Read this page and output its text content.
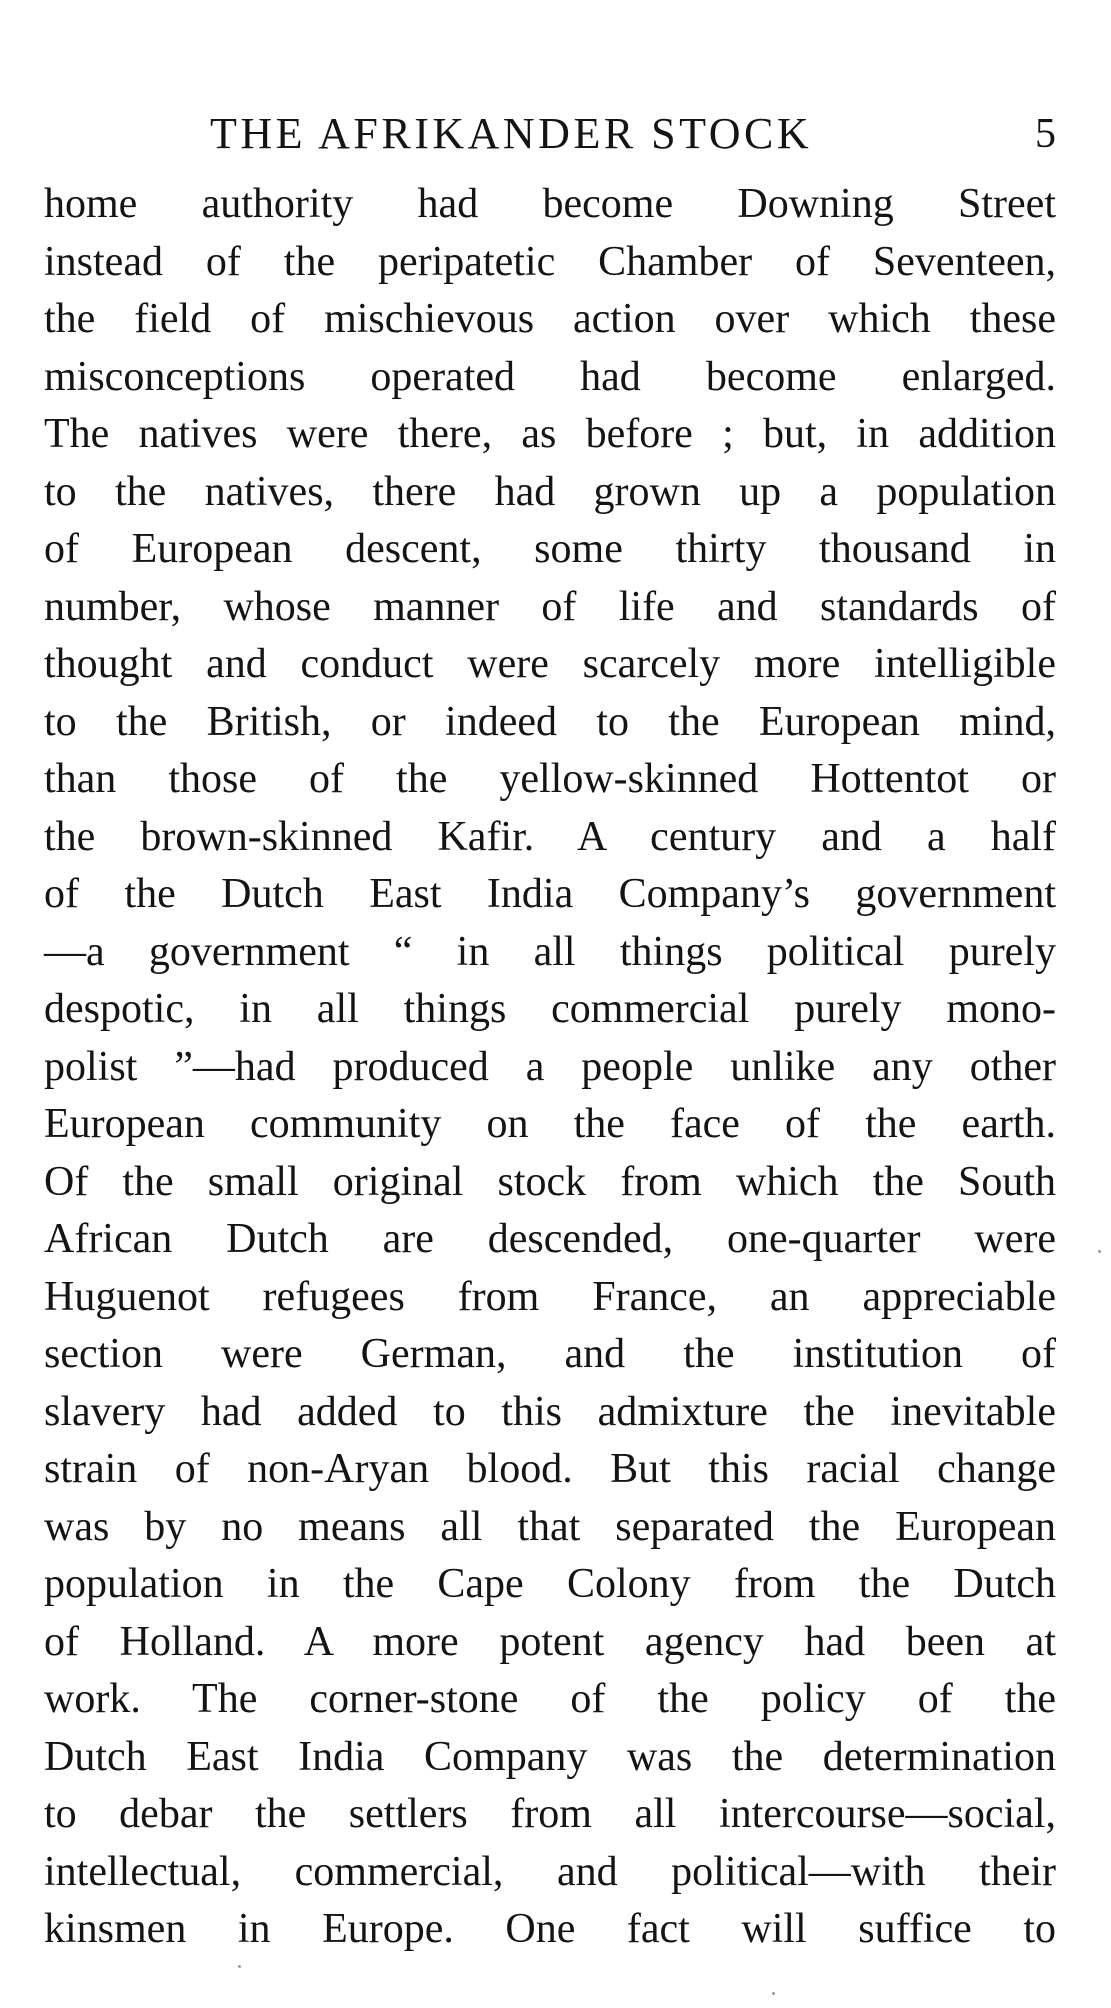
THE AFRIKANDER STOCK	5
home authority had become Downing Street
instead of the peripatetic Chamber of Seventeen,
the field of mischievous action over which these
misconceptions operated had become enlarged.
The natives were there, as before ; but, in addition
to the natives, there had grown up a population
of European descent, some thirty thousand in
number, whose manner of life and standards of
thought and conduct were scarcely more intelligible
to the British, or indeed to the European mind,
than those of the yellow-skinned Hottentot or
the brown-skinned Kafir. A century and a half
of the Dutch East India Company’s government
—a government “ in all things political purely
despotic, in all things commercial purely mono-
polist ”—had produced a people unlike any other
European community on the face of the earth.
Of the small original stock from which the South
African Dutch are descended, one-quarter were
Huguenot refugees from France, an appreciable
section were German, and the institution of
slavery had added to this admixture the inevitable
strain of non-Aryan blood. But this racial change
was by no means all that separated the European
population in the Cape Colony from the Dutch
of Holland. A more potent agency had been at
work. The corner-stone of the policy of the
Dutch East India Company was the determination
to debar the settlers from all intercourse—social,
intellectual, commercial, and political—with their
kinsmen in Europe. One fact will suffice to
